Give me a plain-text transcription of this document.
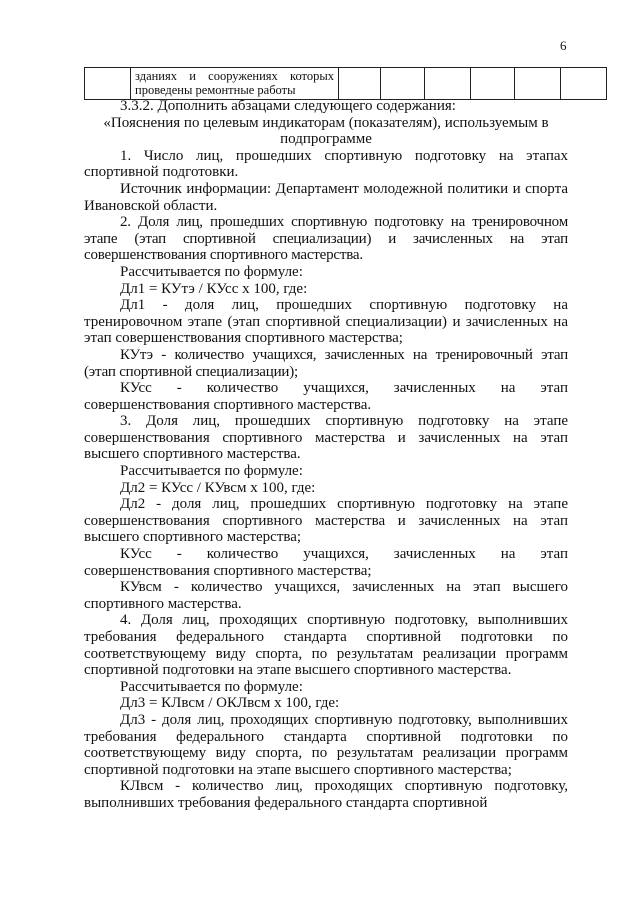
6
	зданиях и сооружениях которых проведены ремонтные работы						

3.3.2. Дополнить абзацами следующего содержания:

«Пояснения по целевым индикаторам (показателям), используемым в подпрограмме

1. Число лиц, прошедших спортивную подготовку на этапах спортивной подготовки.

Источник информации: Департамент молодежной политики и спорта Ивановской области.

2. Доля лиц, прошедших спортивную подготовку на тренировочном этапе (этап спортивной специализации) и зачисленных на этап совершенствования спортивного мастерства.

Рассчитывается по формуле:

Дл1 = КУтэ / КУсс х 100, где:

Дл1 - доля лиц, прошедших спортивную подготовку на тренировочном этапе (этап спортивной специализации) и зачисленных на этап совершенствования спортивного мастерства;

КУтэ - количество учащихся, зачисленных на тренировочный этап (этап спортивной специализации);

КУсс - количество учащихся, зачисленных на этап совершенствования спортивного мастерства.

3. Доля лиц, прошедших спортивную подготовку на этапе совершенствования спортивного мастерства и зачисленных на этап высшего спортивного мастерства.

Рассчитывается по формуле:

Дл2 = КУсс / КУвсм х 100, где:

Дл2 - доля лиц, прошедших спортивную подготовку на этапе совершенствования спортивного мастерства и зачисленных на этап высшего спортивного мастерства;

КУсс - количество учащихся, зачисленных на этап совершенствования спортивного мастерства;

КУвсм - количество учащихся, зачисленных на этап высшего спортивного мастерства.

4. Доля лиц, проходящих спортивную подготовку, выполнивших требования федерального стандарта спортивной подготовки по соответствующему виду спорта, по результатам реализации программ спортивной подготовки на этапе высшего спортивного мастерства.

Рассчитывается по формуле:

Дл3 = КЛвсм / ОКЛвсм х 100, где:

Дл3 - доля лиц, проходящих спортивную подготовку, выполнивших требования федерального стандарта спортивной подготовки по соответствующему виду спорта, по результатам реализации программ спортивной подготовки на этапе высшего спортивного мастерства;

КЛвсм - количество лиц, проходящих спортивную подготовку, выполнивших требования федерального стандарта спортивной
